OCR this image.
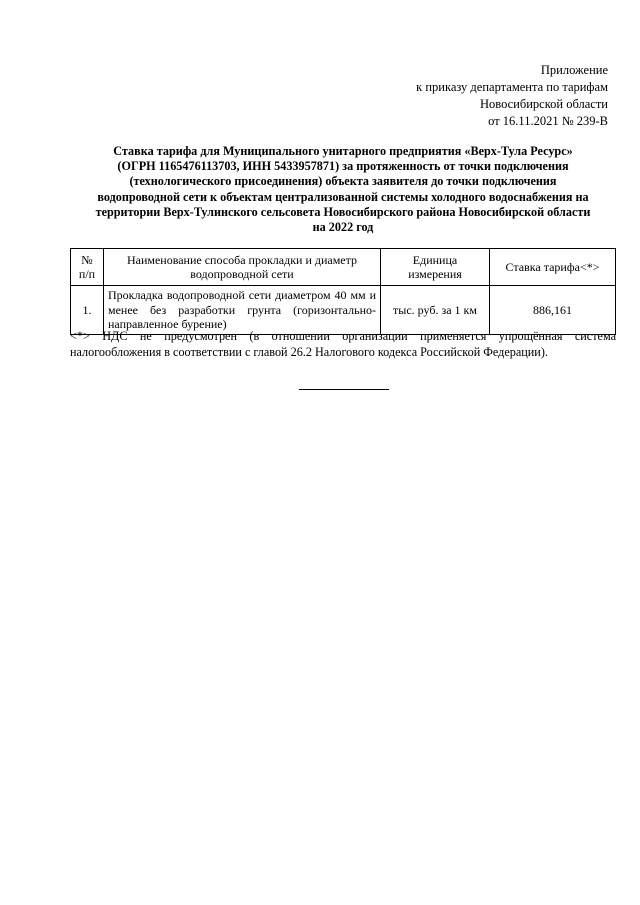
Приложение
к приказу департамента по тарифам
Новосибирской области
от 16.11.2021 № 239-В
Ставка тарифа для Муниципального унитарного предприятия «Верх-Тула Ресурс»
(ОГРН 1165476113703, ИНН 5433957871) за протяженность от точки подключения
(технологического присоединения) объекта заявителя до точки подключения
водопроводной сети к объектам централизованной системы холодного водоснабжения на
территории Верх-Тулинского сельсовета Новосибирского района Новосибирской области
на 2022 год
№ п/п	Наименование способа прокладки и диаметр водопроводной сети	Единица измерения	Ставка тарифа<*>
1.	Прокладка водопроводной сети диаметром 40 мм и менее без разработки грунта (горизонтально-направленное бурение)	тыс. руб. за 1 км	886,161
<*> НДС не предусмотрен (в отношении организации применяется упрощённая система налогообложения в соответствии с главой 26.2 Налогового кодекса Российской Федерации).
